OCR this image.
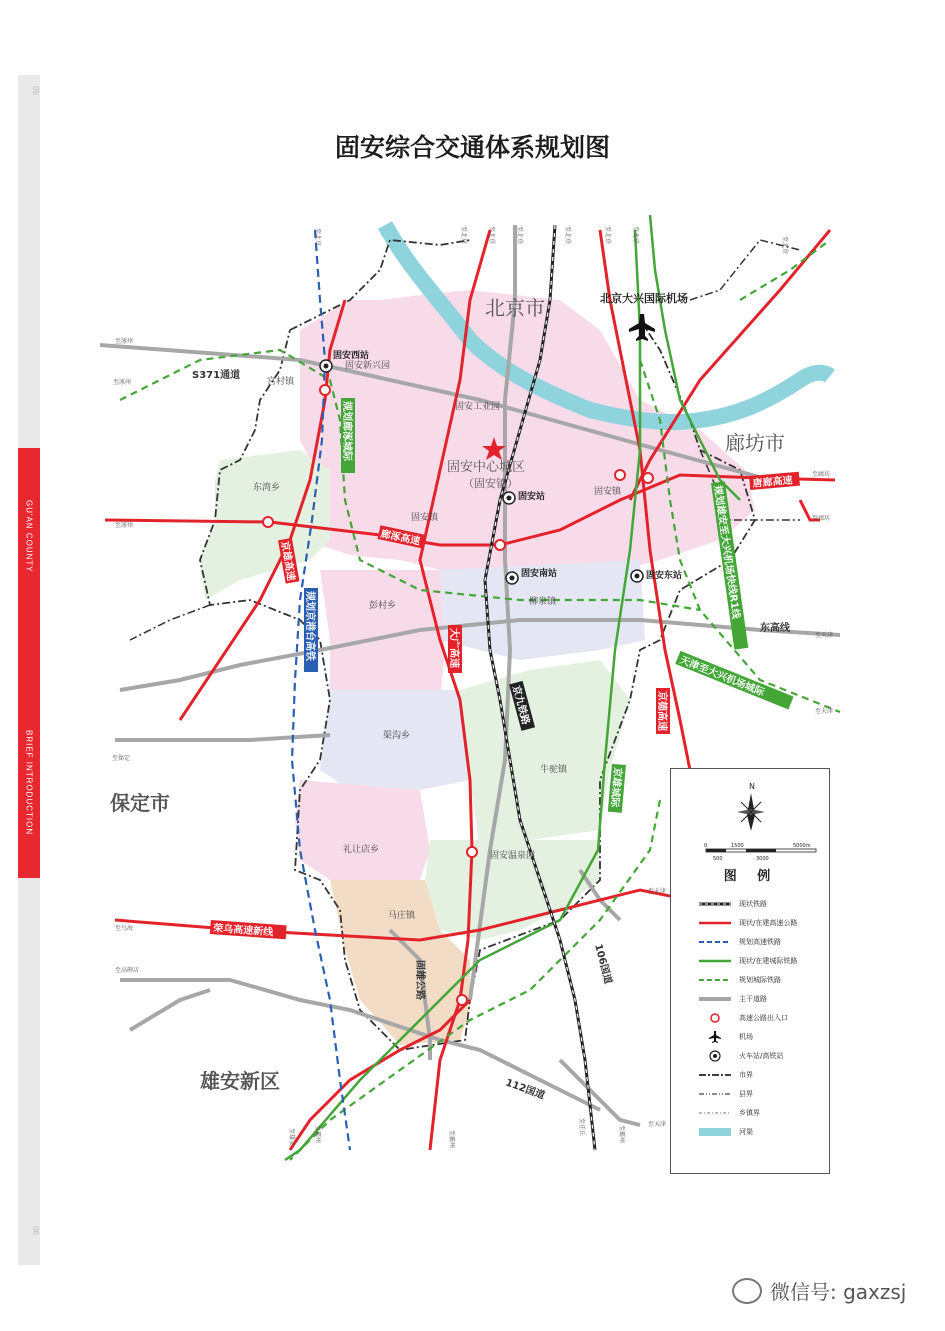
05
GU'AN COUNTY
BRIEF INTRODUCTION
06
固安综合交通体系规划图
北京市
廊坊市
保定市
雄安新区
北京大兴国际机场
固安中心城区
（固安镇）
固安西站
固安站
固安南站	固安东站
宫村镇
东湾乡
固安镇
彭村乡	柳泉镇
渠沟乡
牛驼镇
礼让店乡
马庄镇
固安温泉园
固安工业园
固安新兴园
固安镇
S371通道
规划廊涿城际
京雄高速
廊涿高速
规划京港台高铁	大广高速
京九铁路	京德高速
京雄城际
规划雄安至大兴机场快线R1线
天津至大兴机场城际
东高线
唐廊高速
荣乌高速新线
固雄公路	106国道
112国道
至涿州
至涿州
至涿州
至保定
至乌海
至高碑店
至廊坊
至廊坊
至天津
至天津
至天津
至天津
至北京	至北京	至北京	至北京	至北京	至北京	至北京
至北京
至雄安	至霸州
至任丘	至霸州
至霸州
N
0	1500	5000m
500	3000
图 例
现状铁路
现状/在建高速公路
规划高速铁路
现状/在建城际铁路
规划城际铁路
主干道路
高速公路出入口
机场
火车站/高铁站
市界
县界
乡镇界
河渠
微信号: gaxzsj
